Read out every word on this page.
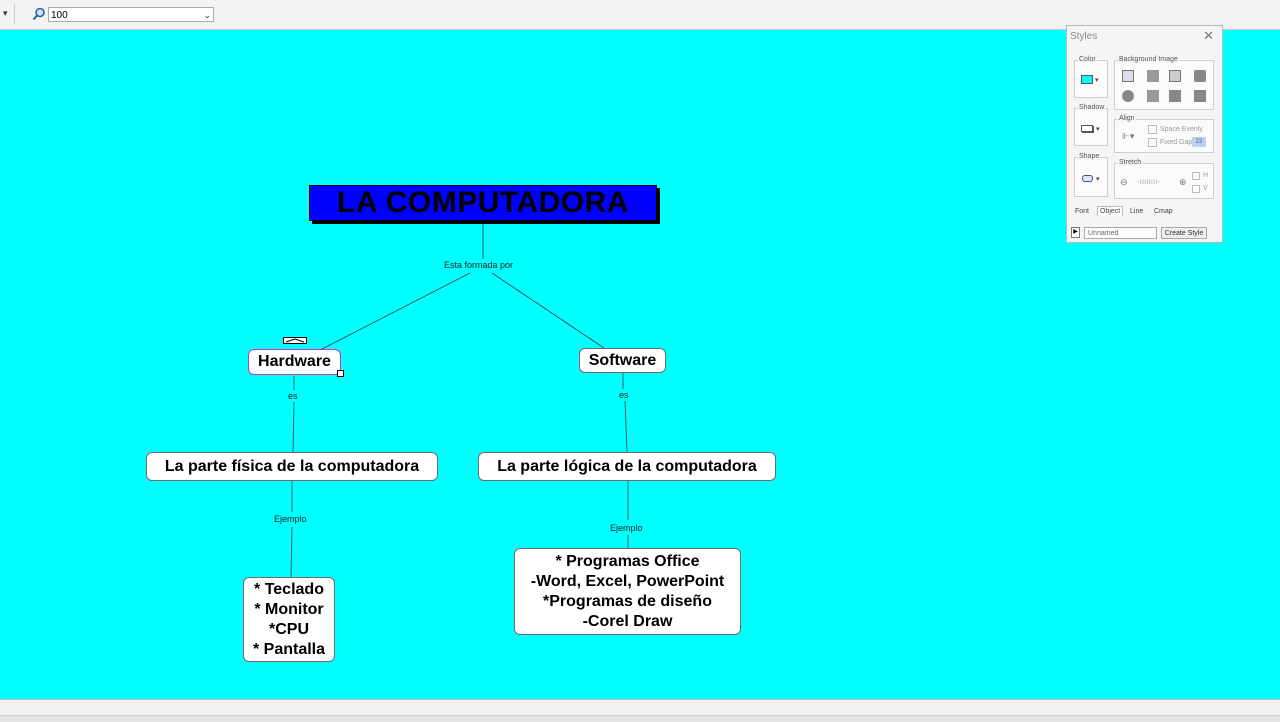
▾	100	⌄
LA COMPUTADORA
Esta formada por
Hardware	Software
es	es
La parte física de la computadora	La parte lógica de la computadora
Ejemplo
Ejemplo
* Teclado
* Monitor
*CPU
* Pantalla
* Programas Office
-Word, Excel, PowerPoint
*Programas de diseño
-Corel Draw
Styles	✕
Color
▾
Background Image
Shadow
▾
Align
⊩▾
Space Evenly
Fixed Gap 22
Shape
▾
Stretch
⊖ -ıııııııı- ⊕
H
V
Font	Object	Line Cmap
▶	Unnamed	Create Style
